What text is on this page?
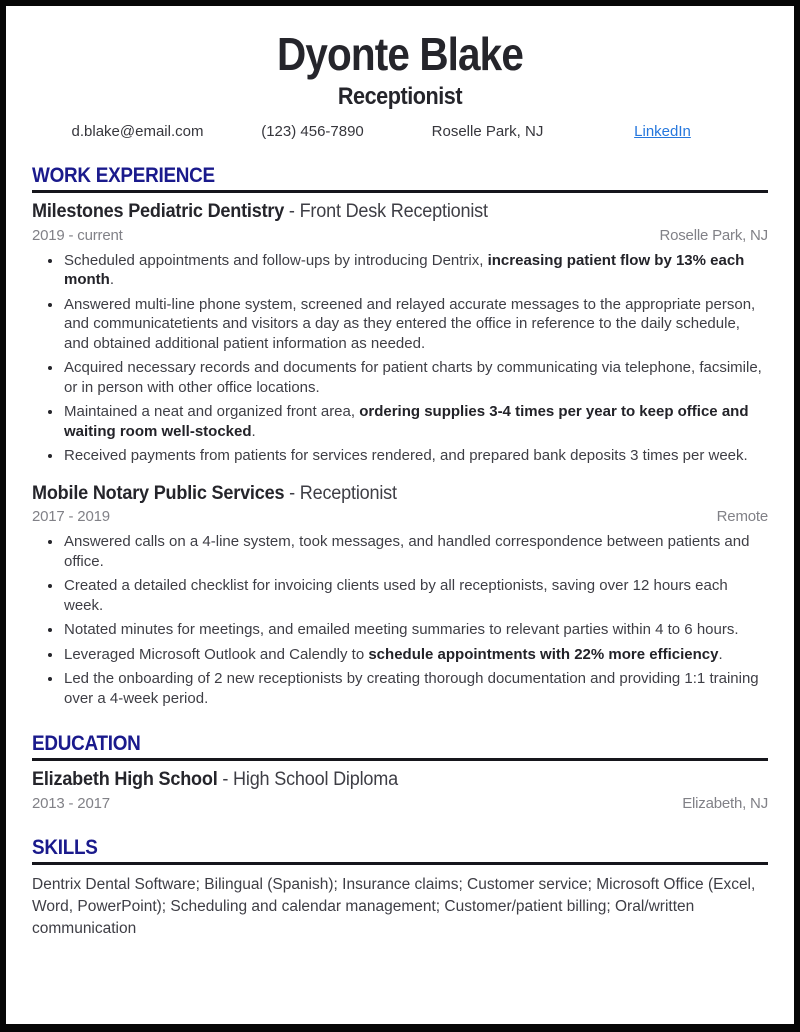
Dyonte Blake
Receptionist
d.blake@email.com	(123) 456-7890	Roselle Park, NJ	LinkedIn
WORK EXPERIENCE
Milestones Pediatric Dentistry - Front Desk Receptionist
2019 - current	Roselle Park, NJ
• Scheduled appointments and follow-ups by introducing Dentrix, increasing patient flow by 13% each month.
• Answered multi-line phone system, screened and relayed accurate messages to the appropriate person, and communicatetients and visitors a day as they entered the office in reference to the daily schedule, and obtained additional patient information as needed.
• Acquired necessary records and documents for patient charts by communicating via telephone, facsimile, or in person with other office locations.
• Maintained a neat and organized front area, ordering supplies 3-4 times per year to keep office and waiting room well-stocked.
• Received payments from patients for services rendered, and prepared bank deposits 3 times per week.
Mobile Notary Public Services - Receptionist
2017 - 2019	Remote
• Answered calls on a 4-line system, took messages, and handled correspondence between patients and office.
• Created a detailed checklist for invoicing clients used by all receptionists, saving over 12 hours each week.
• Notated minutes for meetings, and emailed meeting summaries to relevant parties within 4 to 6 hours.
• Leveraged Microsoft Outlook and Calendly to schedule appointments with 22% more efficiency.
• Led the onboarding of 2 new receptionists by creating thorough documentation and providing 1:1 training over a 4-week period.
EDUCATION
Elizabeth High School - High School Diploma
2013 - 2017	Elizabeth, NJ
SKILLS

Dentrix Dental Software; Bilingual (Spanish); Insurance claims; Customer service; Microsoft Office (Excel, Word, PowerPoint); Scheduling and calendar management; Customer/patient billing; Oral/written communication
